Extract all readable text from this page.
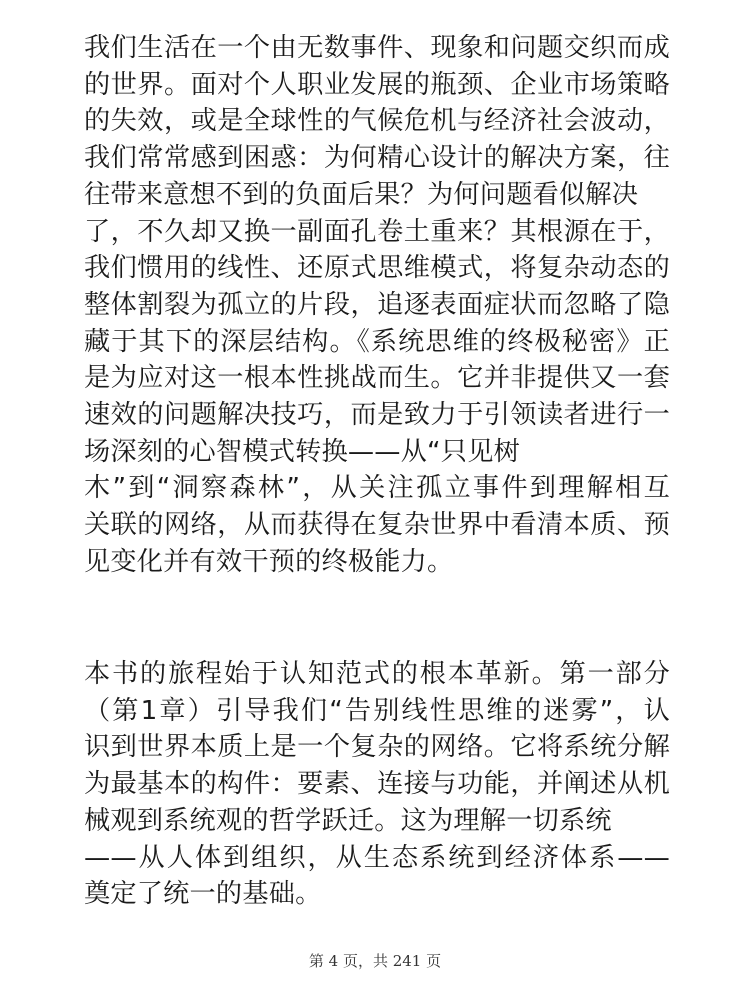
我们生活在一个由无数事件、现象和问题交织而成
的世界。面对个人职业发展的瓶颈、企业市场策略
的失效，或是全球性的气候危机与经济社会波动，
我们常常感到困惑：为何精心设计的解决方案，往
往带来意想不到的负面后果？为何问题看似解决
了，不久却又换一副面孔卷土重来？其根源在于，
我们惯用的线性、还原式思维模式，将复杂动态的
整体割裂为孤立的片段，追逐表面症状而忽略了隐
藏于其下的深层结构。《系统思维的终极秘密》正
是为应对这一根本性挑战而生。它并非提供又一套
速效的问题解决技巧，而是致力于引领读者进行一
场深刻的心智模式转换——从“只见树
木”到“洞察森林”，从关注孤立事件到理解相互
关联的网络，从而获得在复杂世界中看清本质、预
见变化并有效干预的终极能力。
本书的旅程始于认知范式的根本革新。第一部分
（第1章）引导我们“告别线性思维的迷雾”，认
识到世界本质上是一个复杂的网络。它将系统分解
为最基本的构件：要素、连接与功能，并阐述从机
械观到系统观的哲学跃迁。这为理解一切系统
——从人体到组织，从生态系统到经济体系——
奠定了统一的基础。
第 4 页，共 241 页
